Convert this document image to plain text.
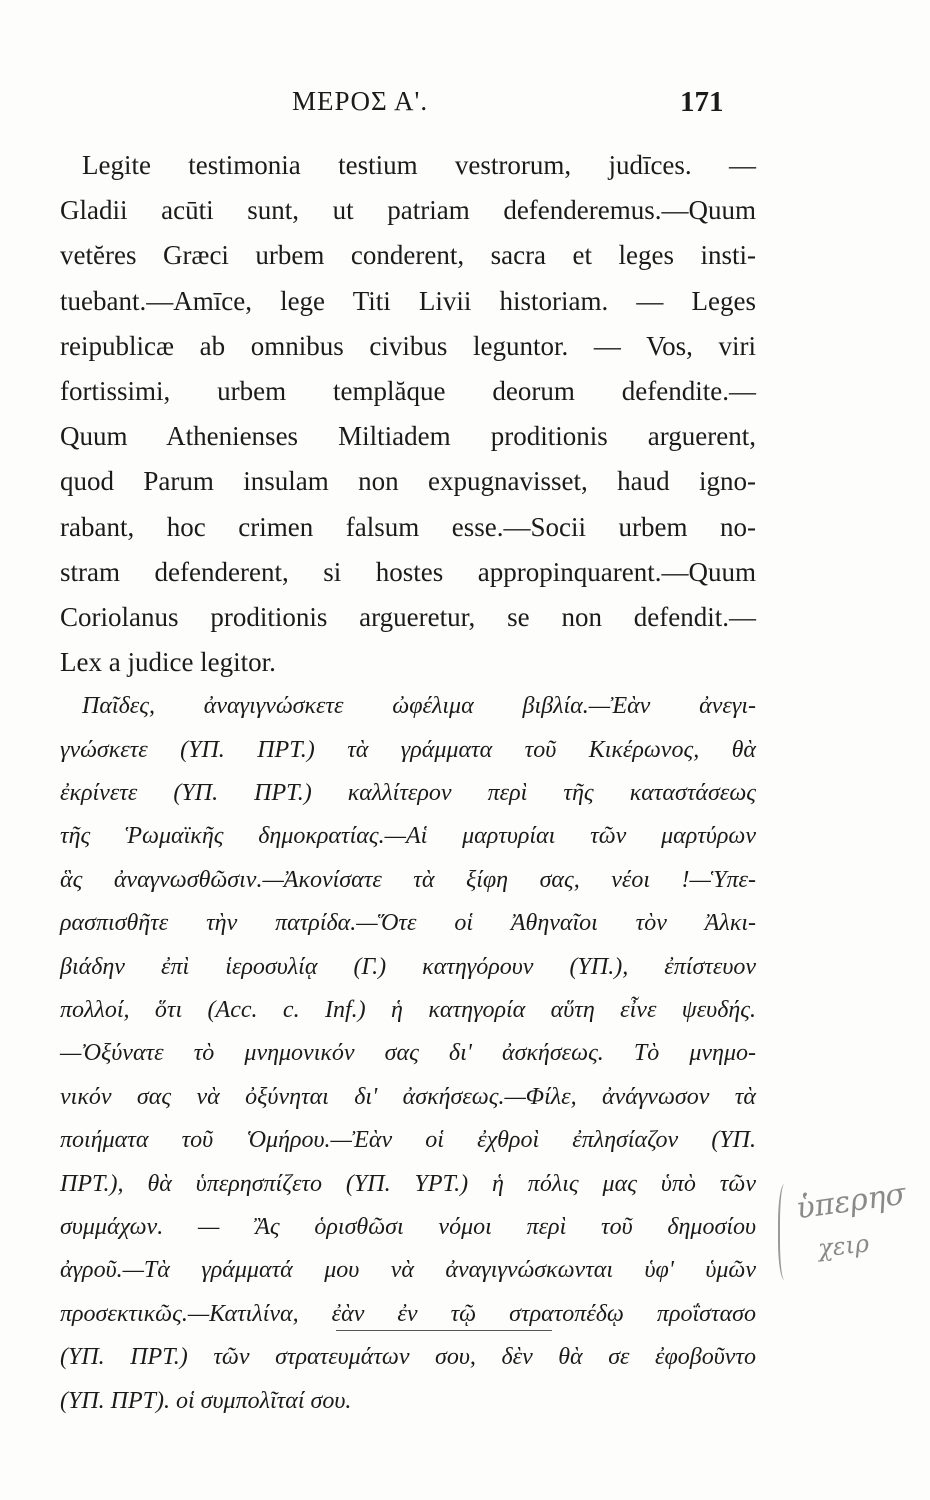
ΜΕΡΟΣ Α'.	171
Legite testimonia testium vestrorum, judīces. —
Gladii acūti sunt, ut patriam defenderemus.—Quum
vetĕres Græci urbem conderent, sacra et leges insti-
tuebant.—Amīce, lege Titi Livii historiam. — Leges
reipublicæ ab omnibus civibus leguntor. — Vos, viri
fortissimi, urbem templăque deorum defendite.—
Quum Athenienses Miltiadem proditionis arguerent,
quod Parum insulam non expugnavisset, haud igno-
rabant, hoc crimen falsum esse.—Socii urbem no-
stram defenderent, si hostes appropinquarent.—Quum
Coriolanus proditionis argueretur, se non defendit.—
Lex a judice legitor.
Παῖδες, ἀναγιγνώσκετε ὠφέλιμα βιβλία.—Ἐὰν ἀνεγι-
γνώσκετε (ΥΠ. ΠΡΤ.) τὰ γράμματα τοῦ Κικέρωνος, θὰ
ἐκρίνετε (ΥΠ. ΠΡΤ.) καλλίτερον περὶ τῆς καταστάσεως
τῆς Ῥωμαϊκῆς δημοκρατίας.—Αἱ μαρτυρίαι τῶν μαρτύρων
ἃς ἀναγνωσθῶσιν.—Ἀκονίσατε τὰ ξίφη σας, νέοι !—Ὑπε-
ρασπισθῆτε τὴν πατρίδα.—Ὅτε οἱ Ἀθηναῖοι τὸν Ἀλκι-
βιάδην ἐπὶ ἱεροσυλίᾳ (Γ.) κατηγόρουν (ΥΠ.), ἐπίστευον
πολλοί, ὅτι (Acc. c. Inf.) ἡ κατηγορία αὕτη εἶνε ψευδής.
—Ὀξύνατε τὸ μνημονικόν σας δι' ἀσκήσεως. Τὸ μνημο-
νικόν σας νὰ ὀξύνηται δι' ἀσκήσεως.—Φίλε, ἀνάγνωσον τὰ
ποιήματα τοῦ Ὁμήρου.—Ἐὰν οἱ ἐχθροὶ ἐπλησίαζον (ΥΠ.
ΠΡΤ.), θὰ ὑπερησπίζετο (ΥΠ. ΥΡΤ.) ἡ πόλις μας ὑπὸ τῶν
συμμάχων. — Ἂς ὁρισθῶσι νόμοι περὶ τοῦ δημοσίου
ἀγροῦ.—Τὰ γράμματά μου νὰ ἀναγιγνώσκωνται ὑφ' ὑμῶν
προσεκτικῶς.—Κατιλίνα, ἐὰν ἐν τῷ στρατοπέδῳ προΐστασο
(ΥΠ. ΠΡΤ.) τῶν στρατευμάτων σου, δὲν θὰ σε ἐφοβοῦντο
(ΥΠ. ΠΡΤ). οἱ συμπολῖταί σου.
ὑπερησ
χειρ
